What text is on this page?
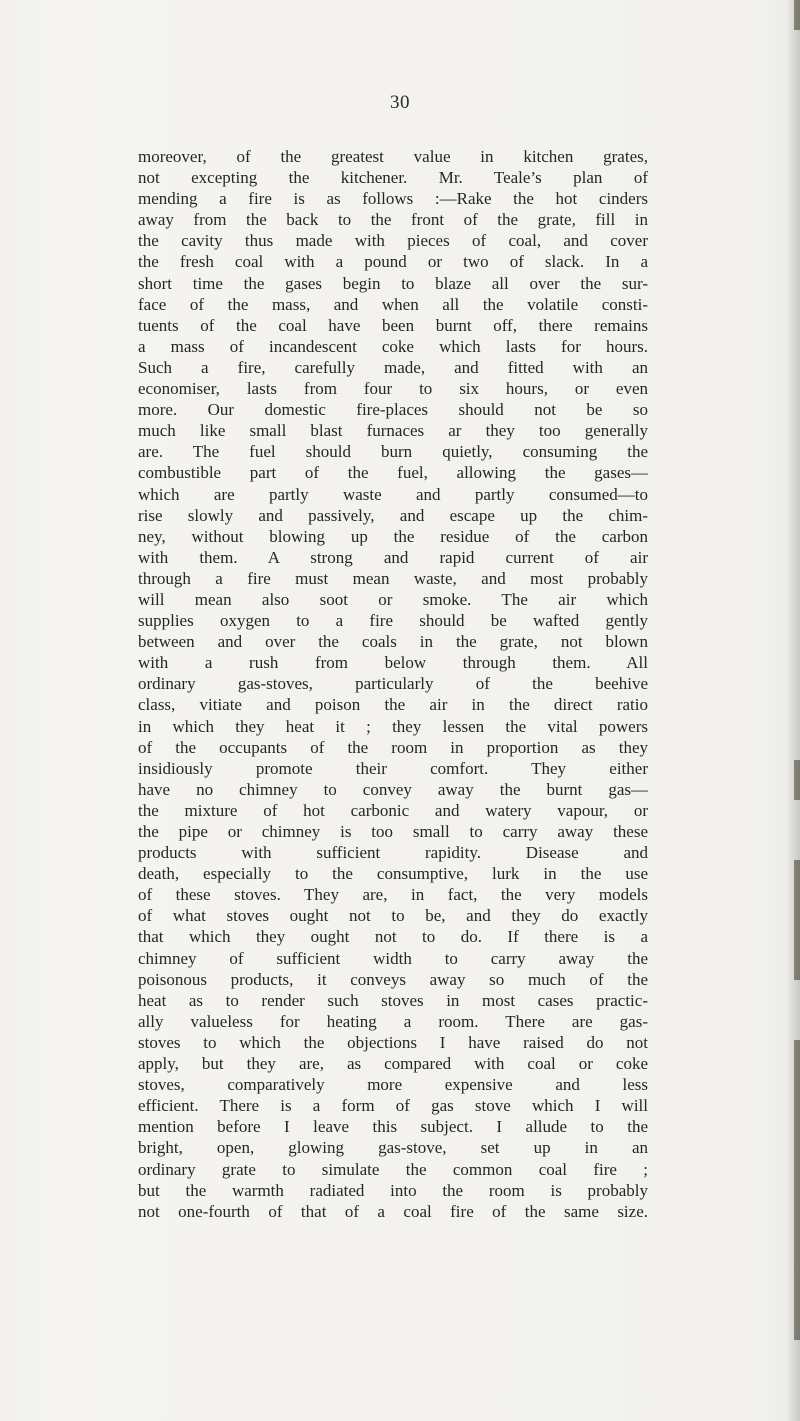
30
moreover, of the greatest value in kitchen grates,
not excepting the kitchener. Mr. Teale’s plan of
mending a fire is as follows :—Rake the hot cinders
away from the back to the front of the grate, fill in
the cavity thus made with pieces of coal, and cover
the fresh coal with a pound or two of slack. In a
short time the gases begin to blaze all over the sur-
face of the mass, and when all the volatile consti-
tuents of the coal have been burnt off, there remains
a mass of incandescent coke which lasts for hours.
Such a fire, carefully made, and fitted with an
economiser, lasts from four to six hours, or even
more. Our domestic fire-places should not be so
much like small blast furnaces ar they too generally
are. The fuel should burn quietly, consuming the
combustible part of the fuel, allowing the gases—
which are partly waste and partly consumed—to
rise slowly and passively, and escape up the chim-
ney, without blowing up the residue of the carbon
with them. A strong and rapid current of air
through a fire must mean waste, and most probably
will mean also soot or smoke. The air which
supplies oxygen to a fire should be wafted gently
between and over the coals in the grate, not blown
with a rush from below through them. All
ordinary gas-stoves, particularly of the beehive
class, vitiate and poison the air in the direct ratio
in which they heat it ; they lessen the vital powers
of the occupants of the room in proportion as they
insidiously promote their comfort. They either
have no chimney to convey away the burnt gas—
the mixture of hot carbonic and watery vapour, or
the pipe or chimney is too small to carry away these
products with sufficient rapidity. Disease and
death, especially to the consumptive, lurk in the use
of these stoves. They are, in fact, the very models
of what stoves ought not to be, and they do exactly
that which they ought not to do. If there is a
chimney of sufficient width to carry away the
poisonous products, it conveys away so much of the
heat as to render such stoves in most cases practic-
ally valueless for heating a room. There are gas-
stoves to which the objections I have raised do not
apply, but they are, as compared with coal or coke
stoves, comparatively more expensive and less
efficient. There is a form of gas stove which I will
mention before I leave this subject. I allude to the
bright, open, glowing gas-stove, set up in an
ordinary grate to simulate the common coal fire ;
but the warmth radiated into the room is probably
not one-fourth of that of a coal fire of the same size.
